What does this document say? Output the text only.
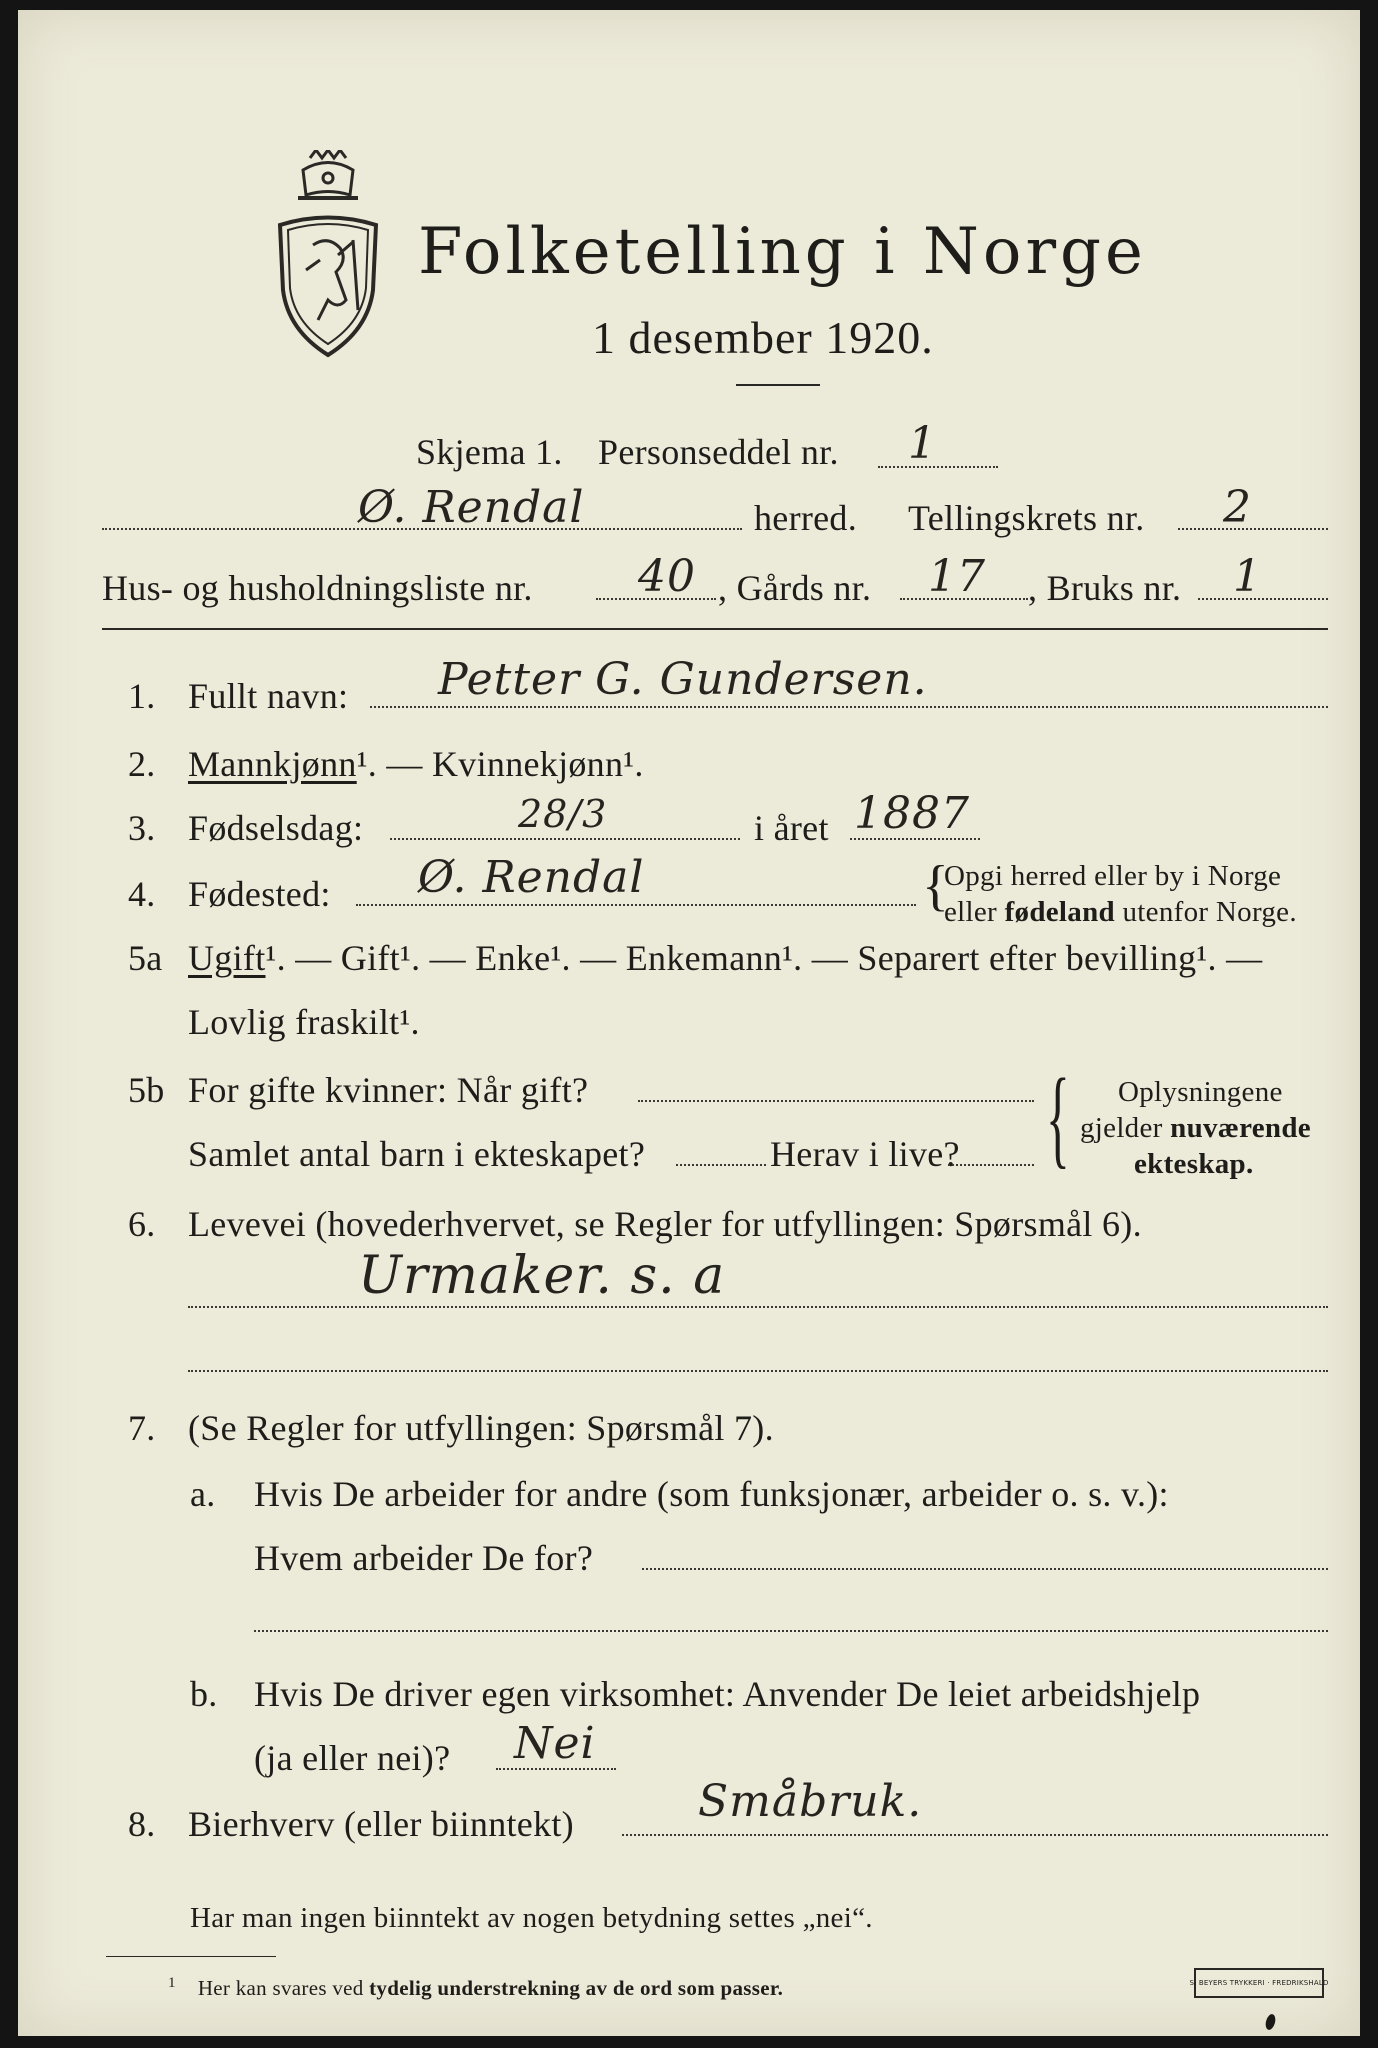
Folketelling i Norge
1 desember 1920.
Skjema 1. Personseddel nr. 1
Ø. Rendal	herred. Tellingskrets nr. 2
Hus- og husholdningsliste nr. 40 , Gårds nr. 17 , Bruks nr. 1
1. Fullt navn: Petter G. Gundersen.
2. Mannkjønn¹. — Kvinnekjønn¹.
3. Fødselsdag:	28/3	i året 1887
4. Fødested: Ø. Rendal	{
Opgi herred eller by i Norge
eller fødeland utenfor Norge.
5a Ugift¹. — Gift¹. — Enke¹. — Enkemann¹. — Separert efter bevilling¹. —
Lovlig fraskilt¹.
5b For gifte kvinner: Når gift?
Samlet antal barn i ekteskapet?	Herav i live? { Oplysningene
gjelder nuværende
ekteskap.
6. Levevei (hovederhvervet, se Regler for utfyllingen: Spørsmål 6).
Urmaker. s. a
7. (Se Regler for utfyllingen: Spørsmål 7).
a. Hvis De arbeider for andre (som funksjonær, arbeider o. s. v.):
Hvem arbeider De for?
b. Hvis De driver egen virksomhet: Anvender De leiet arbeidshjelp
(ja eller nei)? Nei
8. Bierhverv (eller biinntekt)	Småbruk.
Har man ingen biinntekt av nogen betydning settes „nei“.
$^1$ Her kan svares ved tydelig understrekning av de ord som passer.	S. BEYERS TRYKKERI · FREDRIKSHALD
